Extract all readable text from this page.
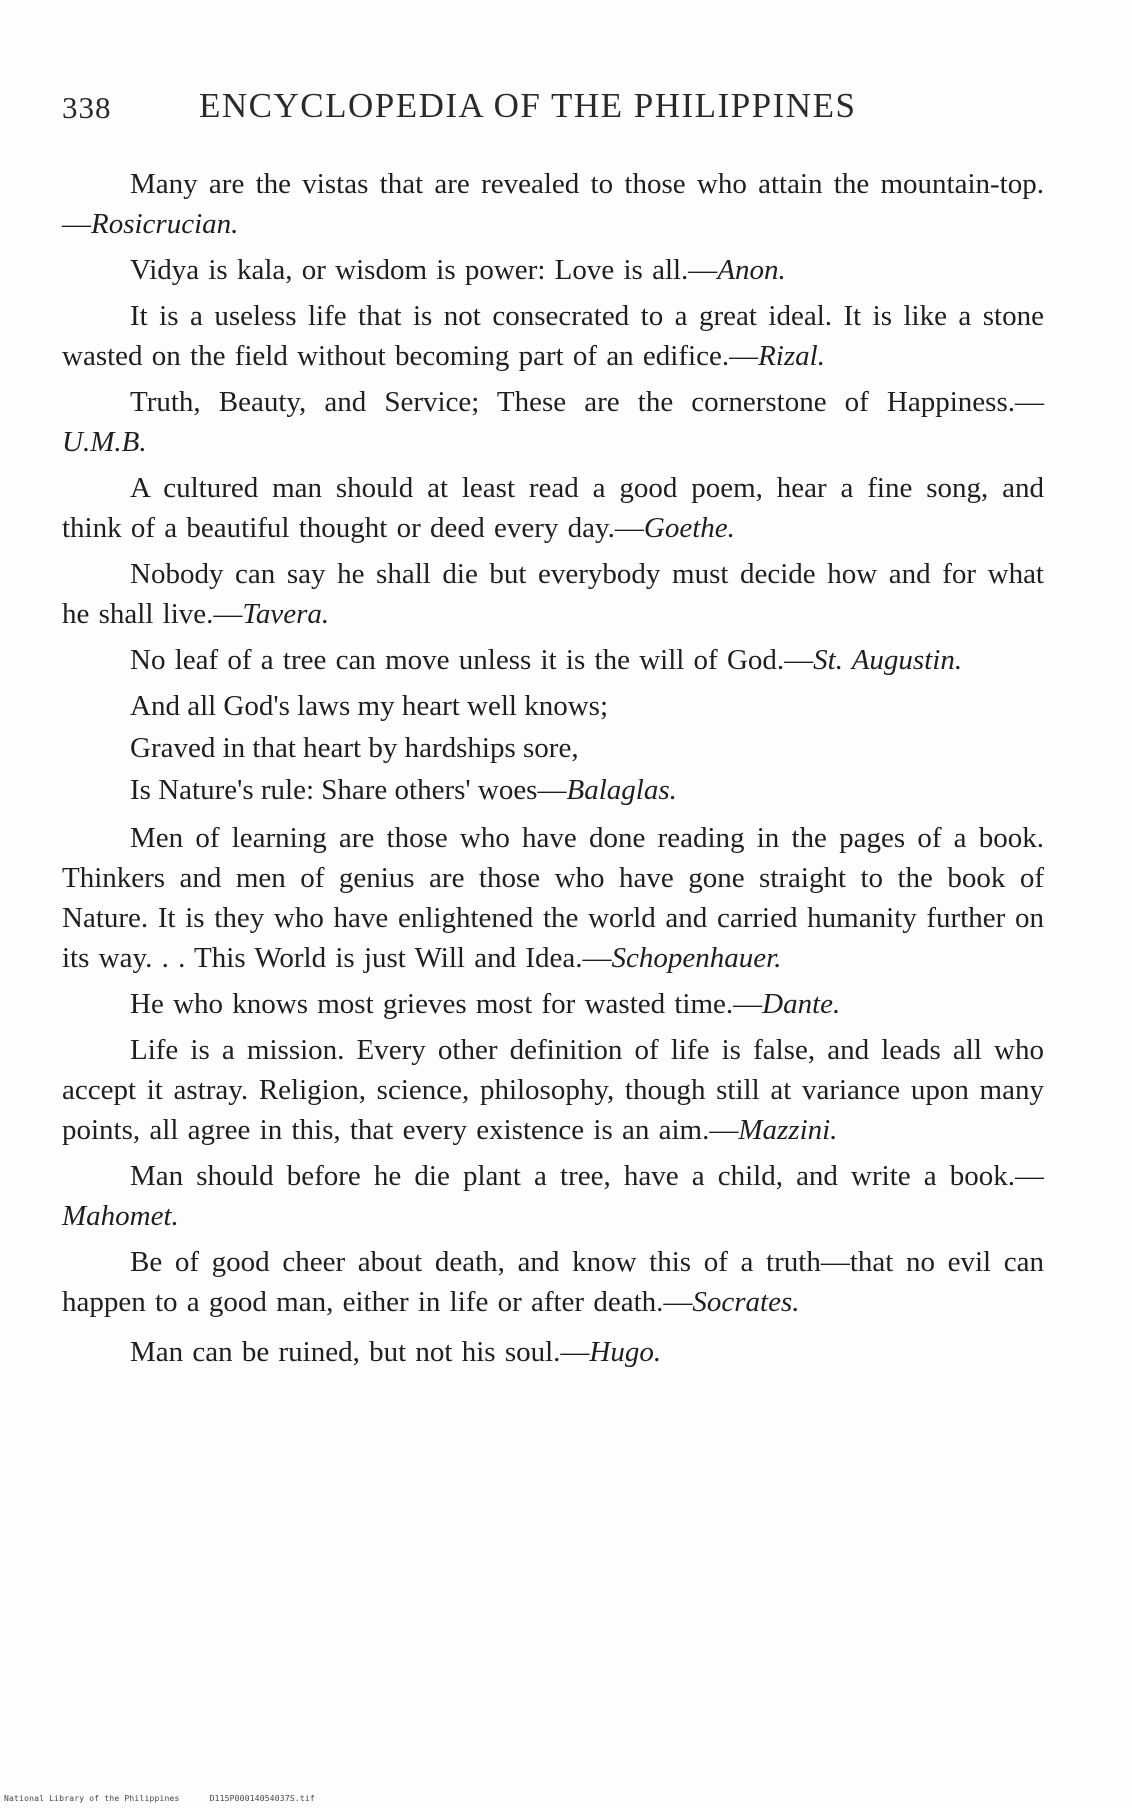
338	ENCYCLOPEDIA OF THE PHILIPPINES

Many are the vistas that are revealed to those who attain the mountain-top.—Rosicrucian.

Vidya is kala, or wisdom is power: Love is all.—Anon.

It is a useless life that is not consecrated to a great ideal. It is like a stone wasted on the field without becoming part of an edifice.—Rizal.

Truth, Beauty, and Service; These are the cornerstone of Happiness.—U.M.B.

A cultured man should at least read a good poem, hear a fine song, and think of a beautiful thought or deed every day.—Goethe.

Nobody can say he shall die but everybody must decide how and for what he shall live.—Tavera.

No leaf of a tree can move unless it is the will of God.—St. Augustin.

And all God's laws my heart well knows;

Graved in that heart by hardships sore,

Is Nature's rule: Share others' woes—Balaglas.

Men of learning are those who have done reading in the pages of a book. Thinkers and men of genius are those who have gone straight to the book of Nature. It is they who have enlightened the world and carried humanity further on its way. . . This World is just Will and Idea.—Schopenhauer.

He who knows most grieves most for wasted time.—Dante.

Life is a mission. Every other definition of life is false, and leads all who accept it astray. Religion, science, philosophy, though still at variance upon many points, all agree in this, that every existence is an aim.—Mazzini.

Man should before he die plant a tree, have a child, and write a book.—Mahomet.

Be of good cheer about death, and know this of a truth—that no evil can happen to a good man, either in life or after death.—Socrates.

Man can be ruined, but not his soul.—Hugo.

National Library of the Philippines	D115P00014054037S.tif
